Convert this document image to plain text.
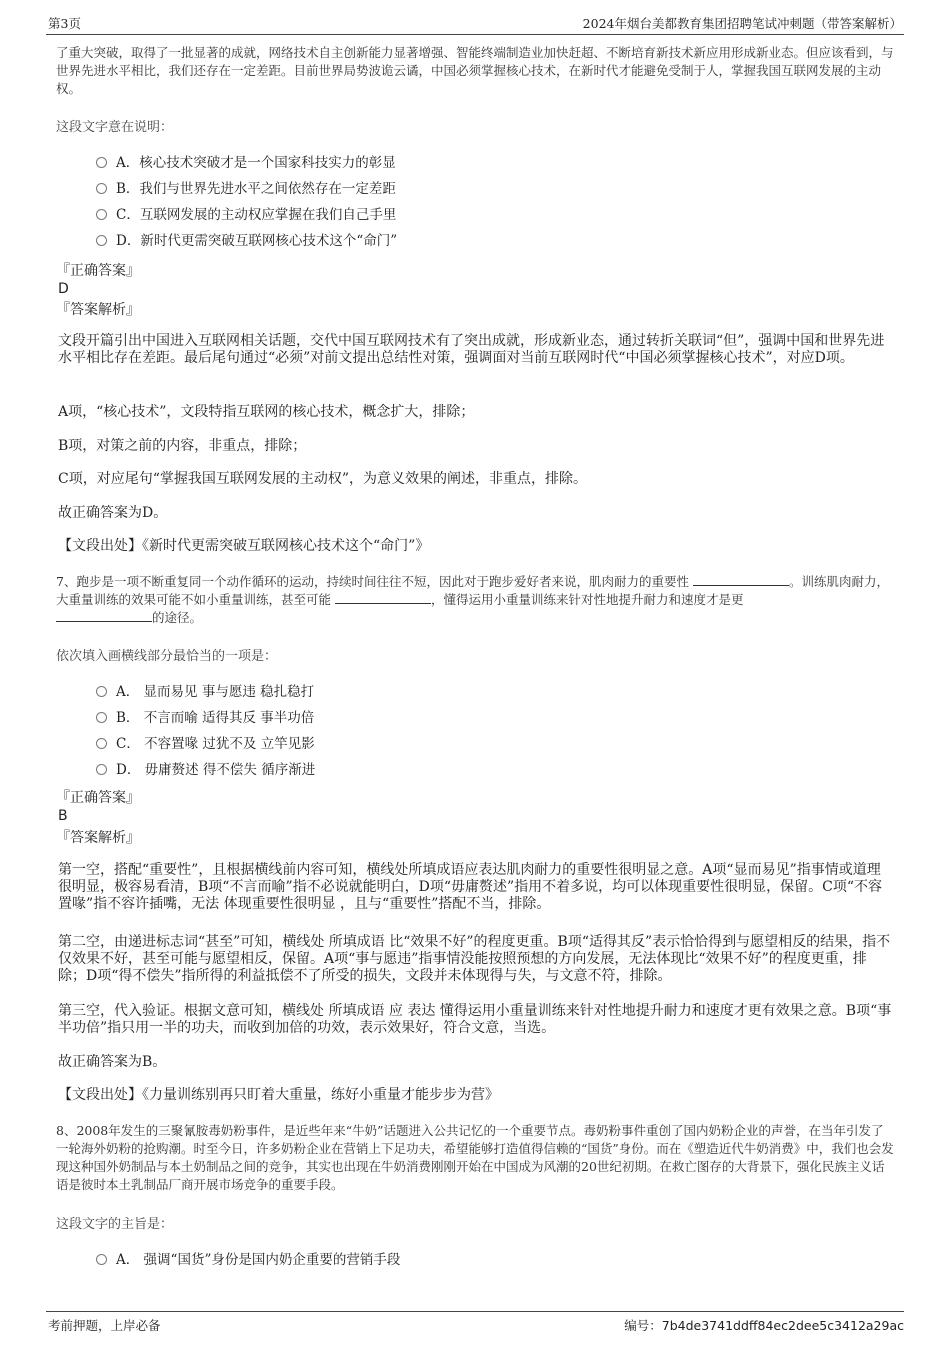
第3页	2024年烟台美都教育集团招聘笔试冲刺题（带答案解析）

了重大突破，取得了一批显著的成就，网络技术自主创新能力显著增强、智能终端制造业加快赶超、不断培育新技术新应用形成新业态。但应该看到，与世界先进水平相比，我们还存在一定差距。目前世界局势波诡云谲，中国必须掌握核心技术，在新时代才能避免受制于人，掌握我国互联网发展的主动权。

这段文字意在说明：

A．核心技术突破才是一个国家科技实力的彰显
B．我们与世界先进水平之间依然存在一定差距
C．互联网发展的主动权应掌握在我们自己手里
D．新时代更需突破互联网核心技术这个“命门”
『正确答案』
D
『答案解析』

文段开篇引出中国进入互联网相关话题，交代中国互联网技术有了突出成就，形成新业态，通过转折关联词“但”，强调中国和世界先进水平相比存在差距。最后尾句通过“必须”对前文提出总结性对策，强调面对当前互联网时代“中国必须掌握核心技术”，对应D项。

A项，“核心技术”，文段特指互联网的核心技术，概念扩大，排除；

B项，对策之前的内容，非重点，排除；

C项，对应尾句“掌握我国互联网发展的主动权”，为意义效果的阐述，非重点，排除。

故正确答案为D。

【文段出处】《新时代更需突破互联网核心技术这个“命门”》

7、跑步是一项不断重复同一个动作循环的运动，持续时间往往不短，因此对于跑步爱好者来说，肌肉耐力的重要性	。训练肌肉耐力，大重量训练的效果可能不如小重量训练，甚至可能	，懂得运用小重量训练来针对性地提升耐力和速度才是更
的途径。

依次填入画横线部分最恰当的一项是：

A． 显而易见 事与愿违 稳扎稳打
B． 不言而喻 适得其反 事半功倍
C． 不容置喙 过犹不及 立竿见影
D． 毋庸赘述 得不偿失 循序渐进
『正确答案』
B
『答案解析』

第一空，搭配“重要性”，且根据横线前内容可知，横线处所填成语应表达肌肉耐力的重要性很明显之意。A项“显而易见”指事情或道理很明显，极容易看清，B项“不言而喻”指不必说就能明白，D项“毋庸赘述”指用不着多说，均可以体现重要性很明显，保留。C项“不容置喙”指不容许插嘴，无法 体现重要性很明显 ，且与“重要性”搭配不当，排除。

第二空，由递进标志词“甚至”可知，横线处 所填成语 比“效果不好”的程度更重。B项“适得其反”表示恰恰得到与愿望相反的结果，指不仅效果不好，甚至可能与愿望相反，保留。A项“事与愿违”指事情没能按照预想的方向发展，无法体现比“效果不好”的程度更重，排除；D项“得不偿失”指所得的利益抵偿不了所受的损失，文段并未体现得与失，与文意不符，排除。

第三空，代入验证。根据文意可知，横线处 所填成语 应 表达 懂得运用小重量训练来针对性地提升耐力和速度才更有效果之意。B项“事半功倍”指只用一半的功夫，而收到加倍的功效，表示效果好，符合文意，当选。

故正确答案为B。

【文段出处】《力量训练别再只盯着大重量，练好小重量才能步步为营》

8、2008年发生的三聚氰胺毒奶粉事件，是近些年来“牛奶”话题进入公共记忆的一个重要节点。毒奶粉事件重创了国内奶粉企业的声誉，在当年引发了一轮海外奶粉的抢购潮。时至今日，许多奶粉企业在营销上下足功夫，希望能够打造值得信赖的“国货”身份。而在《塑造近代牛奶消费》中，我们也会发现这种国外奶制品与本土奶制品之间的竞争，其实也出现在牛奶消费刚刚开始在中国成为风潮的20世纪初期。在救亡图存的大背景下，强化民族主义话语是彼时本土乳制品厂商开展市场竞争的重要手段。

这段文字的主旨是：

A． 强调“国货”身份是国内奶企重要的营销手段
考前押题，上岸必备	编号：7b4de3741ddff84ec2dee5c3412a29ac
